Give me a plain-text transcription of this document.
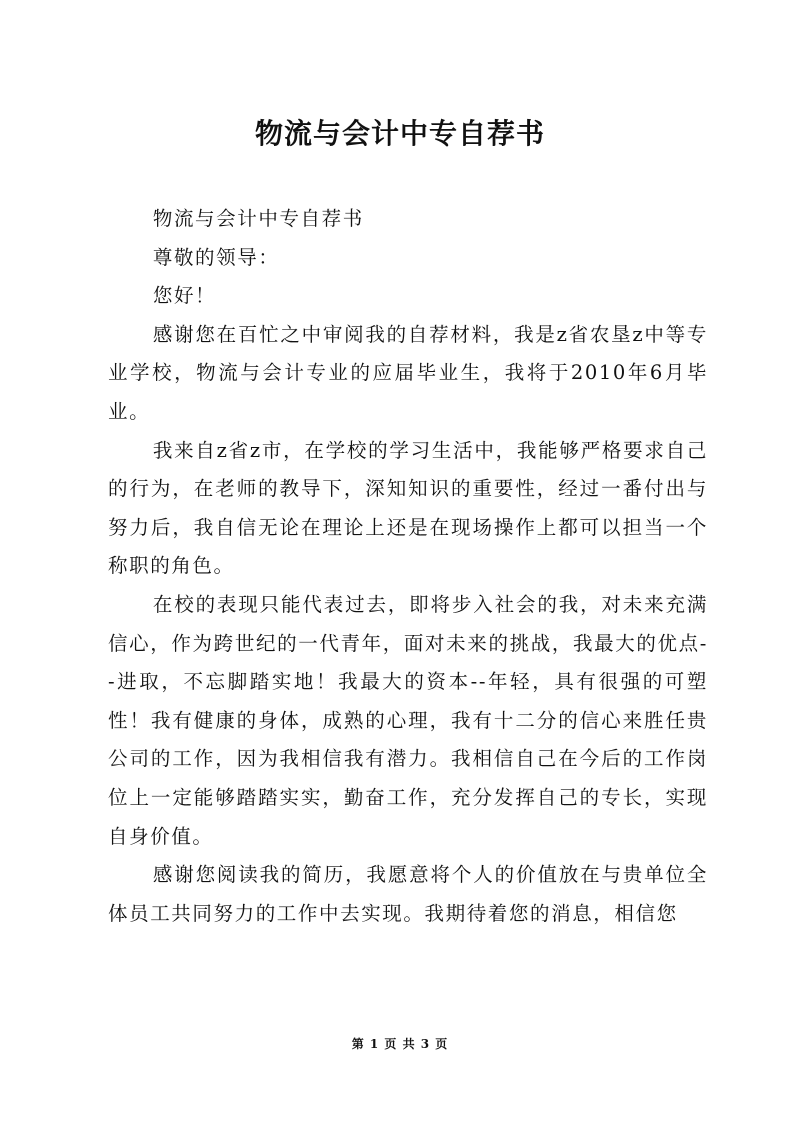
物流与会计中专自荐书

物流与会计中专自荐书

尊敬的领导：

您好！

感谢您在百忙之中审阅我的自荐材料，我是z省农垦z中等专业学校，物流与会计专业的应届毕业生，我将于2010年6月毕业。

我来自z省z市，在学校的学习生活中，我能够严格要求自己的行为，在老师的教导下，深知知识的重要性，经过一番付出与努力后，我自信无论在理论上还是在现场操作上都可以担当一个称职的角色。

在校的表现只能代表过去，即将步入社会的我，对未来充满信心，作为跨世纪的一代青年，面对未来的挑战，我最大的优点--进取，不忘脚踏实地！我最大的资本--年轻，具有很强的可塑性！我有健康的身体，成熟的心理，我有十二分的信心来胜任贵公司的工作，因为我相信我有潜力。我相信自己在今后的工作岗位上一定能够踏踏实实，勤奋工作，充分发挥自己的专长，实现自身价值。

感谢您阅读我的简历，我愿意将个人的价值放在与贵单位全体员工共同努力的工作中去实现。我期待着您的消息，相信您

第 1 页 共 3 页
